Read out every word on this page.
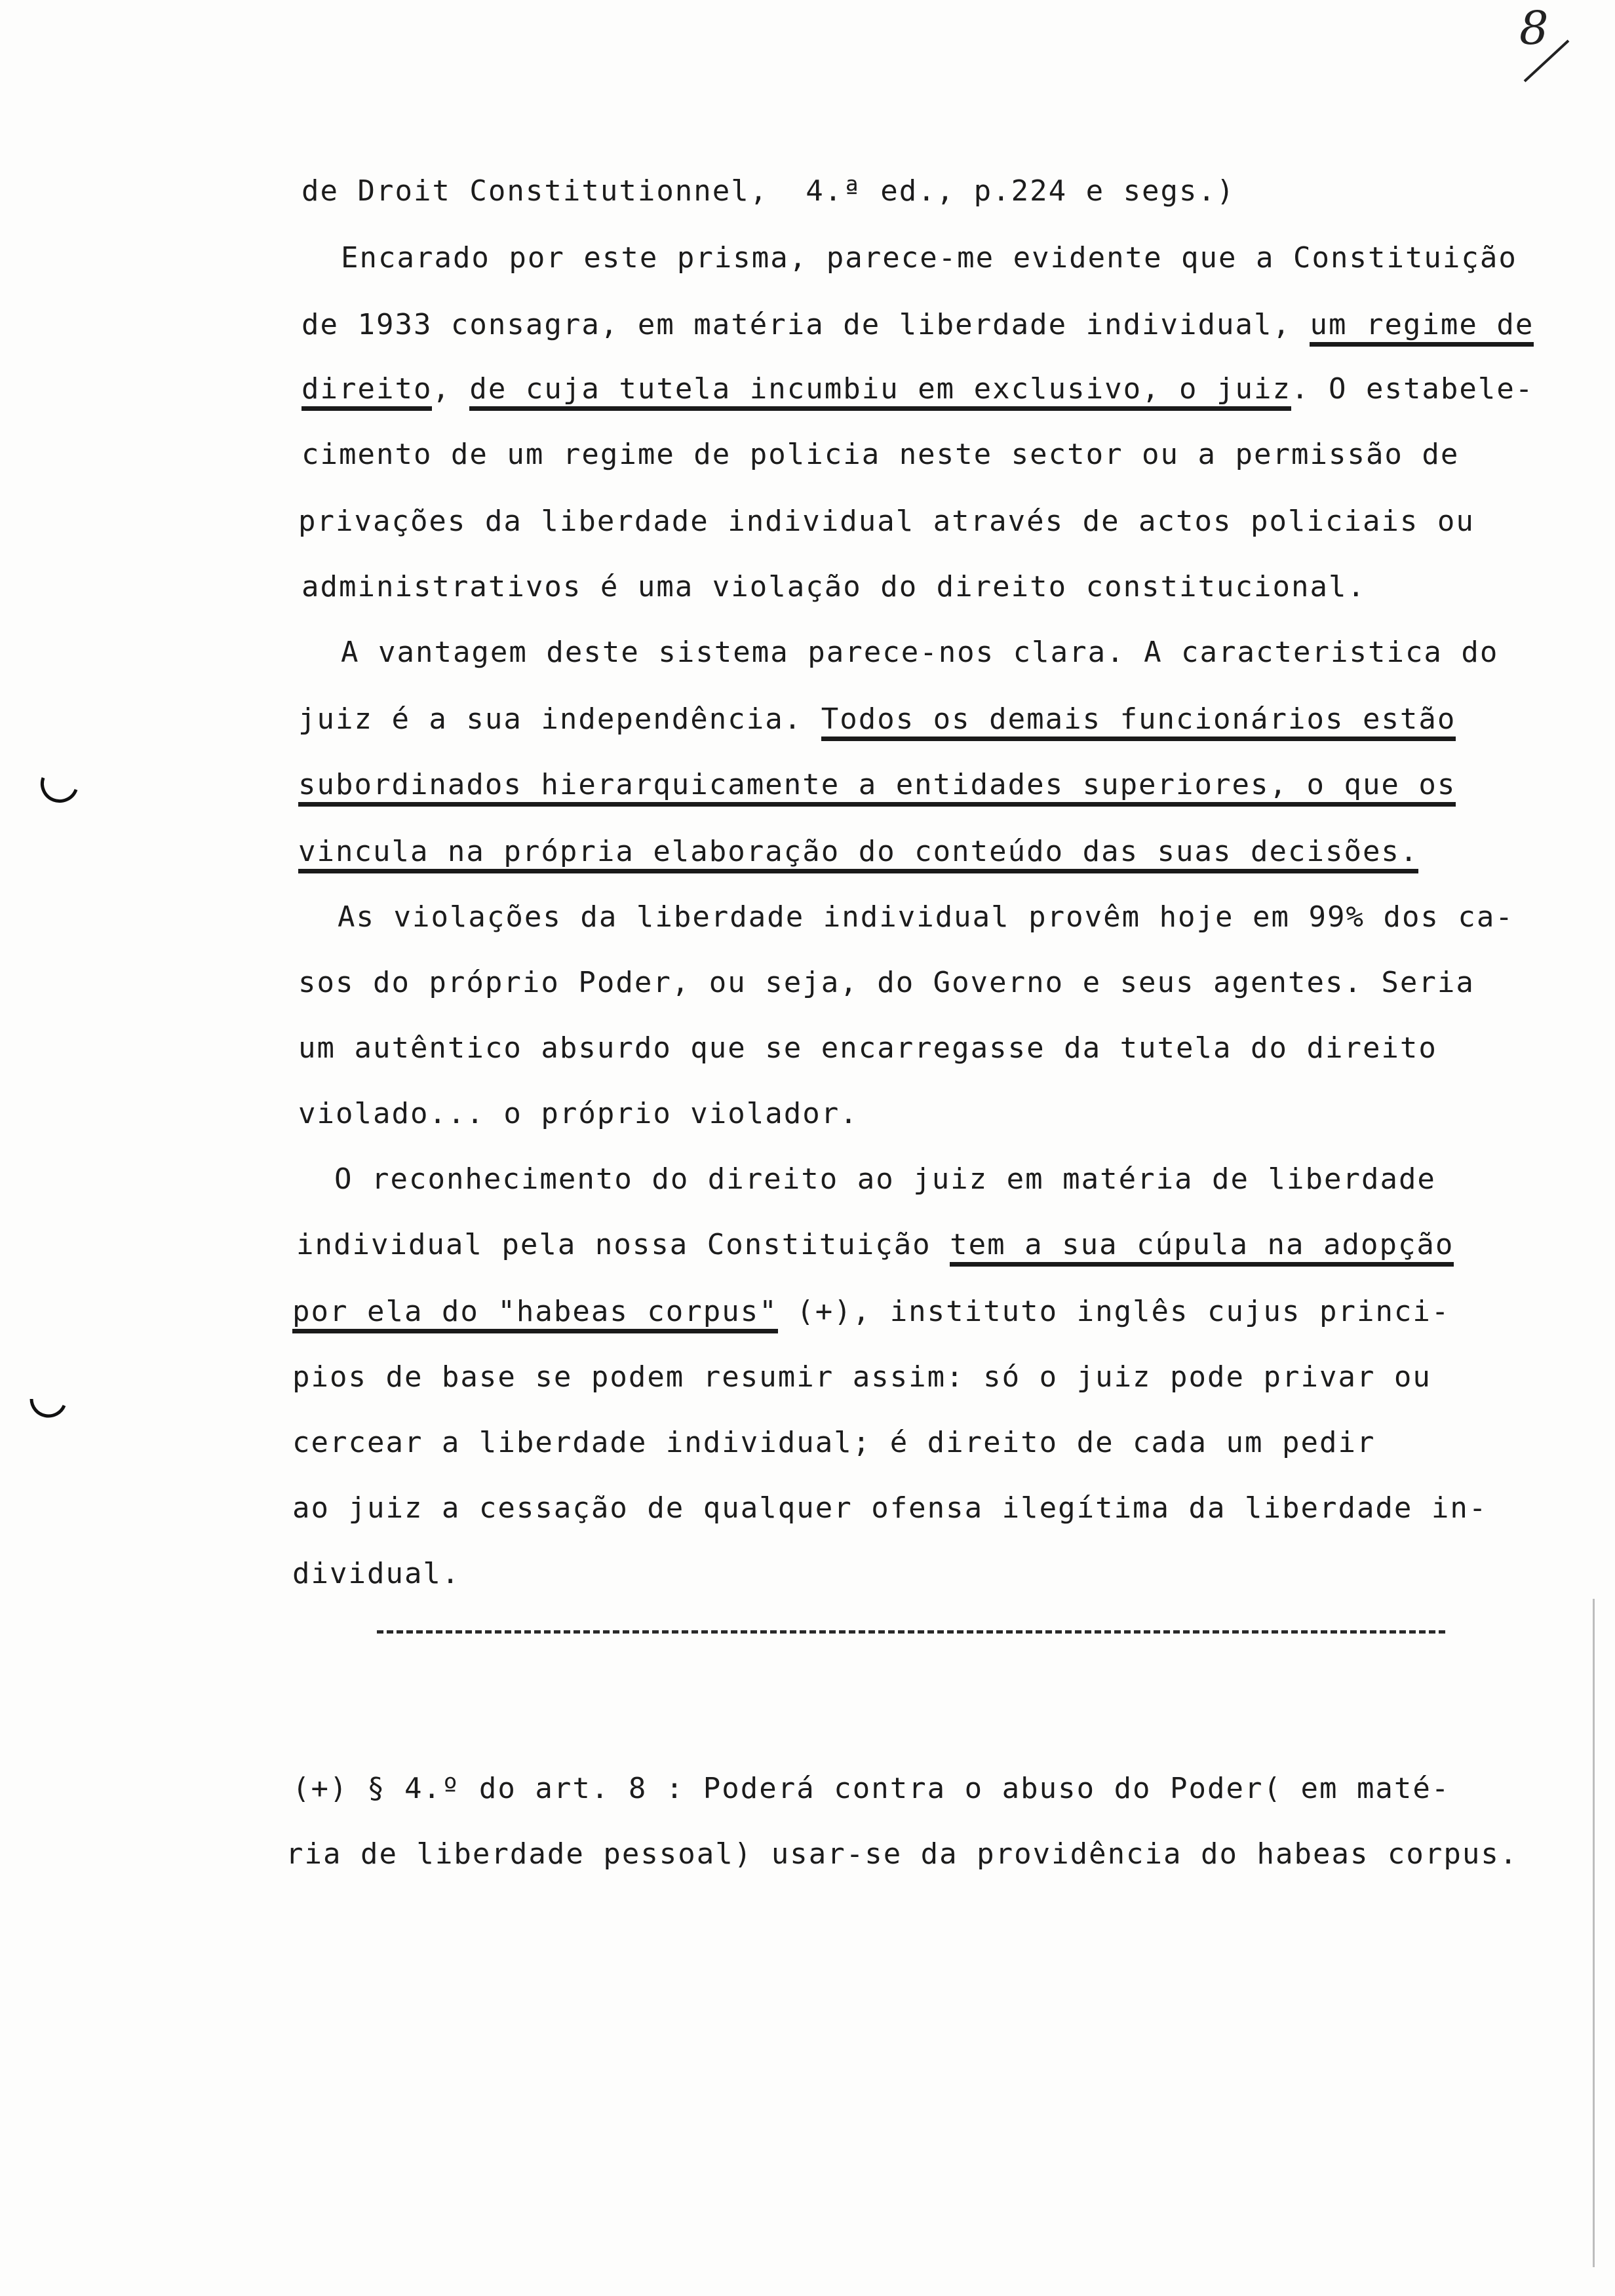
8
de Droit Constitutionnel,  4.ª ed., p.224 e segs.)
Encarado por este prisma, parece-me evidente que a Constituição
de 1933 consagra, em matéria de liberdade individual, um regime de
direito, de cuja tutela incumbiu em exclusivo, o juiz. O estabele-
cimento de um regime de policia neste sector ou a permissão de
privações da liberdade individual através de actos policiais ou
administrativos é uma violação do direito constitucional.
A vantagem deste sistema parece-nos clara. A caracteristica do
juiz é a sua independência. Todos os demais funcionários estão
subordinados hierarquicamente a entidades superiores, o que os
vincula na própria elaboração do conteúdo das suas decisões.
As violações da liberdade individual provêm hoje em 99% dos ca-
sos do próprio Poder, ou seja, do Governo e seus agentes. Seria
um autêntico absurdo que se encarregasse da tutela do direito
violado... o próprio violador.
O reconhecimento do direito ao juiz em matéria de liberdade
individual pela nossa Constituição tem a sua cúpula na adopção
por ela do "habeas corpus" (+), instituto inglês cujus princi-
pios de base se podem resumir assim: só o juiz pode privar ou
cercear a liberdade individual; é direito de cada um pedir
ao juiz a cessação de qualquer ofensa ilegítima da liberdade in-
dividual.
(+) § 4.º do art. 8 : Poderá contra o abuso do Poder( em maté-
ria de liberdade pessoal) usar-se da providência do habeas corpus.
